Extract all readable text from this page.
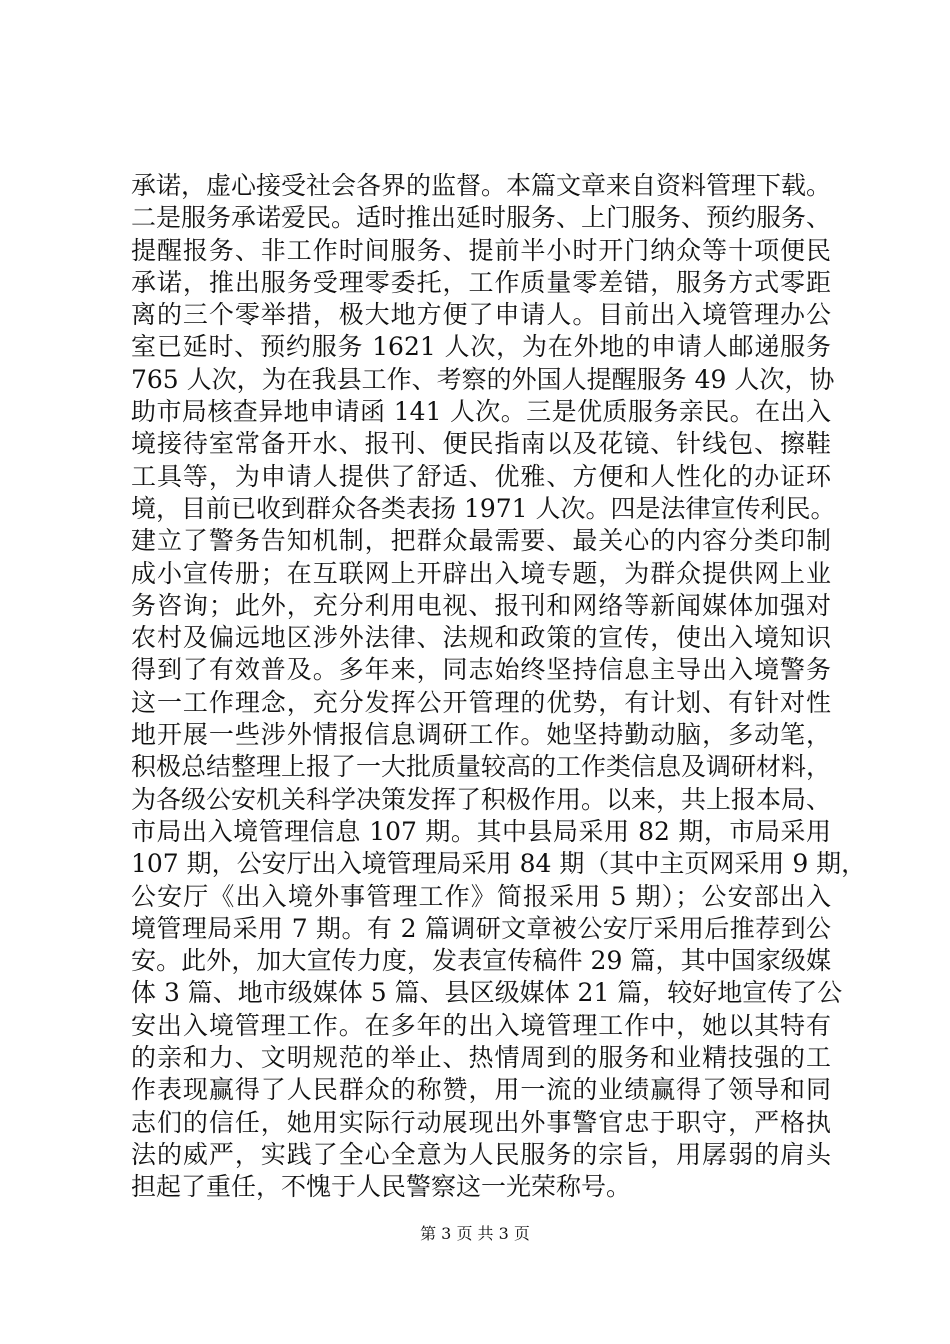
承诺，虚心接受社会各界的监督。本篇文章来自资料管理下载。
二是服务承诺爱民。适时推出延时服务、上门服务、预约服务、
提醒报务、非工作时间服务、提前半小时开门纳众等十项便民
承诺，推出服务受理零委托，工作质量零差错，服务方式零距
离的三个零举措，极大地方便了申请人。目前出入境管理办公
室已延时、预约服务 1621 人次，为在外地的申请人邮递服务
765 人次，为在我县工作、考察的外国人提醒服务 49 人次，协
助市局核查异地申请函 141 人次。三是优质服务亲民。在出入
境接待室常备开水、报刊、便民指南以及花镜、针线包、擦鞋
工具等，为申请人提供了舒适、优雅、方便和人性化的办证环
境，目前已收到群众各类表扬 1971 人次。四是法律宣传利民。
建立了警务告知机制，把群众最需要、最关心的内容分类印制
成小宣传册；在互联网上开辟出入境专题，为群众提供网上业
务咨询；此外，充分利用电视、报刊和网络等新闻媒体加强对
农村及偏远地区涉外法律、法规和政策的宣传，使出入境知识
得到了有效普及。多年来，同志始终坚持信息主导出入境警务
这一工作理念，充分发挥公开管理的优势，有计划、有针对性
地开展一些涉外情报信息调研工作。她坚持勤动脑，多动笔，
积极总结整理上报了一大批质量较高的工作类信息及调研材料，
为各级公安机关科学决策发挥了积极作用。以来，共上报本局、
市局出入境管理信息 107 期。其中县局采用 82 期，市局采用
107 期，公安厅出入境管理局采用 84 期（其中主页网采用 9 期，
公安厅《出入境外事管理工作》简报采用 5 期）；公安部出入
境管理局采用 7 期。有 2 篇调研文章被公安厅采用后推荐到公
安。此外，加大宣传力度，发表宣传稿件 29 篇，其中国家级媒
体 3 篇、地市级媒体 5 篇、县区级媒体 21 篇，较好地宣传了公
安出入境管理工作。在多年的出入境管理工作中，她以其特有
的亲和力、文明规范的举止、热情周到的服务和业精技强的工
作表现赢得了人民群众的称赞，用一流的业绩赢得了领导和同
志们的信任，她用实际行动展现出外事警官忠于职守，严格执
法的威严，实践了全心全意为人民服务的宗旨，用孱弱的肩头
担起了重任，不愧于人民警察这一光荣称号。
第 3 页 共 3 页
